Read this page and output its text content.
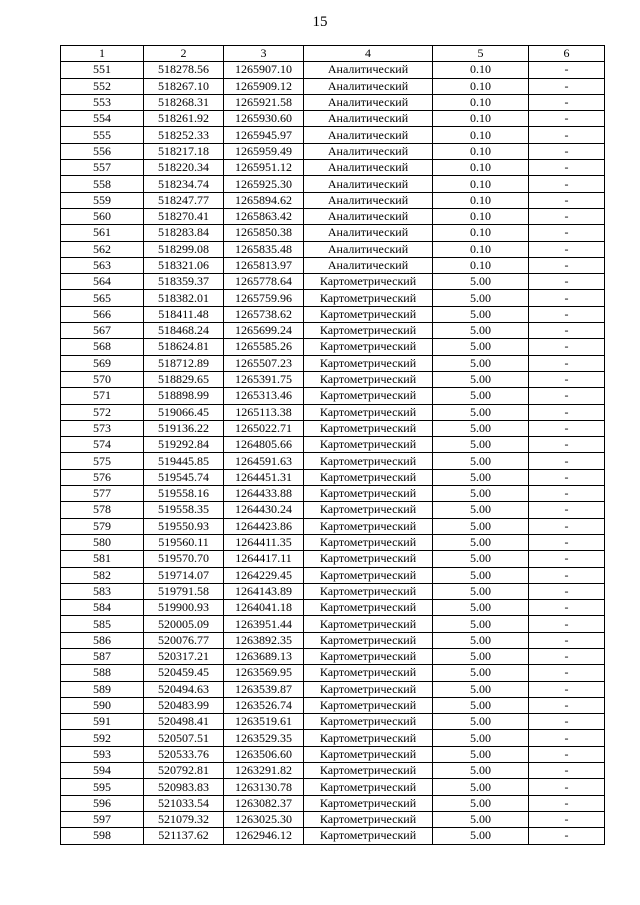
15
1	2	3	4	5	6
551	518278.56	1265907.10	Аналитический	0.10	-
552	518267.10	1265909.12	Аналитический	0.10	-
553	518268.31	1265921.58	Аналитический	0.10	-
554	518261.92	1265930.60	Аналитический	0.10	-
555	518252.33	1265945.97	Аналитический	0.10	-
556	518217.18	1265959.49	Аналитический	0.10	-
557	518220.34	1265951.12	Аналитический	0.10	-
558	518234.74	1265925.30	Аналитический	0.10	-
559	518247.77	1265894.62	Аналитический	0.10	-
560	518270.41	1265863.42	Аналитический	0.10	-
561	518283.84	1265850.38	Аналитический	0.10	-
562	518299.08	1265835.48	Аналитический	0.10	-
563	518321.06	1265813.97	Аналитический	0.10	-
564	518359.37	1265778.64	Картометрический	5.00	-
565	518382.01	1265759.96	Картометрический	5.00	-
566	518411.48	1265738.62	Картометрический	5.00	-
567	518468.24	1265699.24	Картометрический	5.00	-
568	518624.81	1265585.26	Картометрический	5.00	-
569	518712.89	1265507.23	Картометрический	5.00	-
570	518829.65	1265391.75	Картометрический	5.00	-
571	518898.99	1265313.46	Картометрический	5.00	-
572	519066.45	1265113.38	Картометрический	5.00	-
573	519136.22	1265022.71	Картометрический	5.00	-
574	519292.84	1264805.66	Картометрический	5.00	-
575	519445.85	1264591.63	Картометрический	5.00	-
576	519545.74	1264451.31	Картометрический	5.00	-
577	519558.16	1264433.88	Картометрический	5.00	-
578	519558.35	1264430.24	Картометрический	5.00	-
579	519550.93	1264423.86	Картометрический	5.00	-
580	519560.11	1264411.35	Картометрический	5.00	-
581	519570.70	1264417.11	Картометрический	5.00	-
582	519714.07	1264229.45	Картометрический	5.00	-
583	519791.58	1264143.89	Картометрический	5.00	-
584	519900.93	1264041.18	Картометрический	5.00	-
585	520005.09	1263951.44	Картометрический	5.00	-
586	520076.77	1263892.35	Картометрический	5.00	-
587	520317.21	1263689.13	Картометрический	5.00	-
588	520459.45	1263569.95	Картометрический	5.00	-
589	520494.63	1263539.87	Картометрический	5.00	-
590	520483.99	1263526.74	Картометрический	5.00	-
591	520498.41	1263519.61	Картометрический	5.00	-
592	520507.51	1263529.35	Картометрический	5.00	-
593	520533.76	1263506.60	Картометрический	5.00	-
594	520792.81	1263291.82	Картометрический	5.00	-
595	520983.83	1263130.78	Картометрический	5.00	-
596	521033.54	1263082.37	Картометрический	5.00	-
597	521079.32	1263025.30	Картометрический	5.00	-
598	521137.62	1262946.12	Картометрический	5.00	-
